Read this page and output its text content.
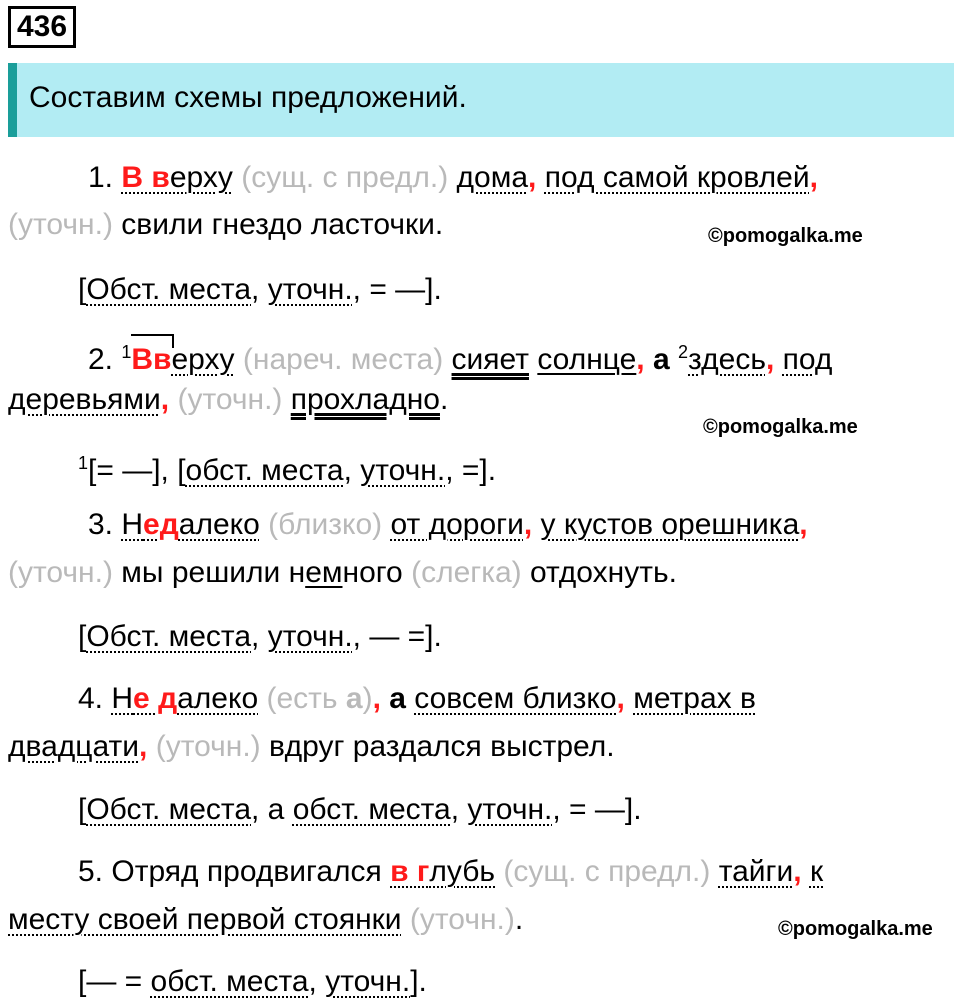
436
Составим схемы предложений.
1. В верху (сущ. с предл.) дома, под самой кровлей,
(уточн.) свили гнездо ласточки.	©pomogalka.me
[Обст. места, уточн., = —].
2. $^1$Вверху (нареч. места) сияет солнце, а $^2$здесь, под
деревьями, (уточн.) прохладно.
©pomogalka.me
$^1$[= —], [обст. места, уточн., =].
3. Недалеко (близко) от дороги, у кустов орешника,
(уточн.) мы решили немного (слегка) отдохнуть.
[Обст. места, уточн., — =].
4. Не далеко (есть а), а совсем близко, метрах в
двадцати, (уточн.) вдруг раздался выстрел.
[Обст. места, а обст. места, уточн., = —].
5. Отряд продвигался в глубь (сущ. с предл.) тайги, к
месту своей первой стоянки (уточн.).	©pomogalka.me
[— = обст. места, уточн.].
